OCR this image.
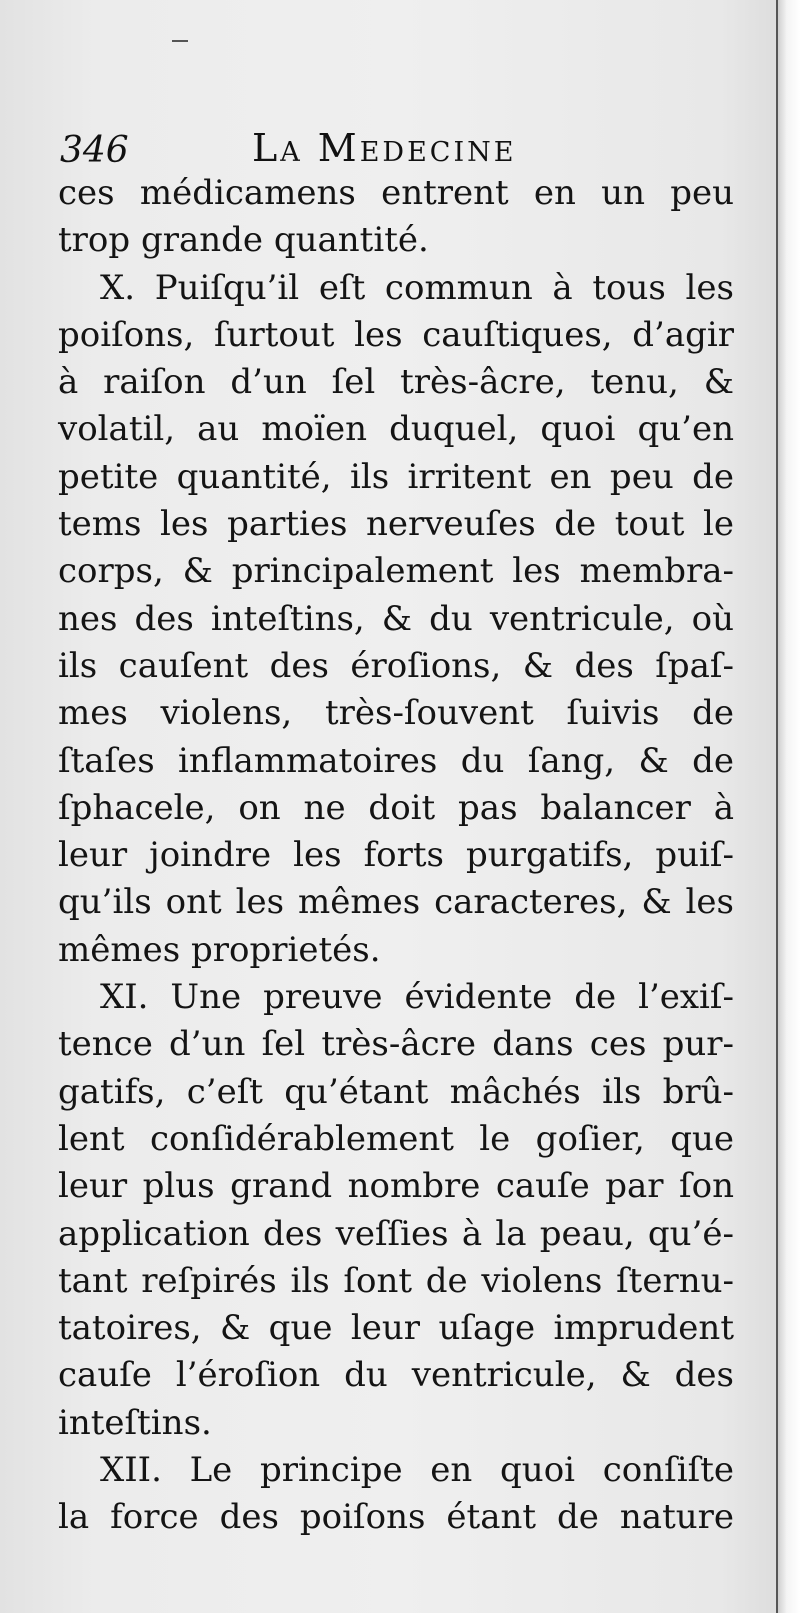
346	La Medecine
ces médicamens entrent en un peu
trop grande quantité.
X. Puiſqu’il eſt commun à tous les
poiſons, ſurtout les cauſtiques, d’agir
à raiſon d’un ſel très-âcre, tenu, &
volatil, au moïen duquel, quoi qu’en
petite quantité, ils irritent en peu de
tems les parties nerveuſes de tout le
corps, & principalement les membra-
nes des inteſtins, & du ventricule, où
ils cauſent des éroſions, & des ſpaſ-
mes violens, très-ſouvent ſuivis de
ſtaſes inflammatoires du ſang, & de
ſphacele, on ne doit pas balancer à
leur joindre les forts purgatifs, puiſ-
qu’ils ont les mêmes caracteres, & les
mêmes proprietés.
XI. Une preuve évidente de l’exiſ-
tence d’un ſel très-âcre dans ces pur-
gatifs, c’eſt qu’étant mâchés ils brû-
lent conſidérablement le goſier, que
leur plus grand nombre cauſe par ſon
application des veſſies à la peau, qu’é-
tant reſpirés ils ſont de violens ſternu-
tatoires, & que leur uſage imprudent
cauſe l’éroſion du ventricule, & des
inteſtins.
XII. Le principe en quoi conſiſte
la force des poiſons étant de nature
